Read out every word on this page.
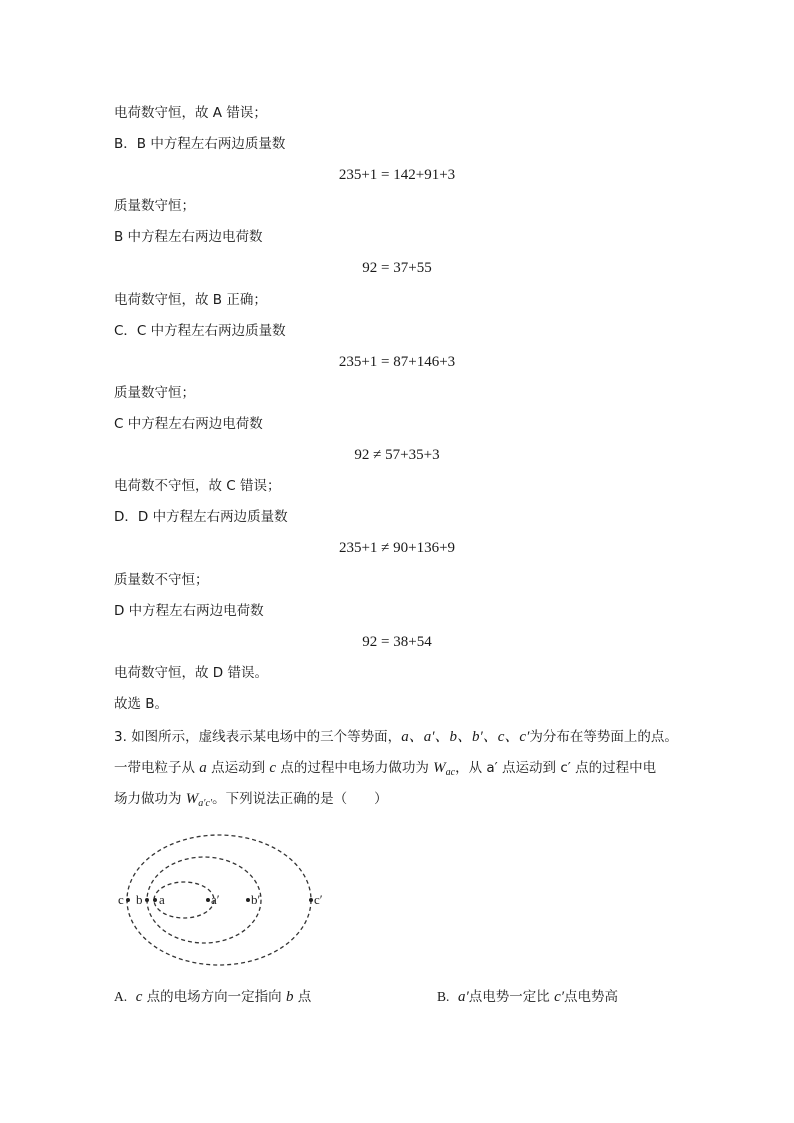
电荷数守恒，故 A 错误；
B．B 中方程左右两边质量数
235+1 = 142+91+3
质量数守恒；
B 中方程左右两边电荷数
92 = 37+55
电荷数守恒，故 B 正确；
C．C 中方程左右两边质量数
235+1 = 87+146+3
质量数守恒；
C 中方程左右两边电荷数
92 ≠ 57+35+3
电荷数不守恒，故 C 错误；
D．D 中方程左右两边质量数
235+1 ≠ 90+136+9
质量数不守恒；
D 中方程左右两边电荷数
92 = 38+54
电荷数守恒，故 D 错误。
故选 B。
3. 如图所示，虚线表示某电场中的三个等势面，a、a′、b、b′、c、c′为分布在等势面上的点。
一带电粒子从 a 点运动到 c 点的过程中电场力做功为 $W_{ac}$，从 a′ 点运动到 c′ 点的过程中电
场力做功为 $W_{a'c'}$。下列说法正确的是（　　）
c b a	a′ b′	c′
A. c 点的电场方向一定指向 b 点	B. a′点电势一定比 c′点电势高
